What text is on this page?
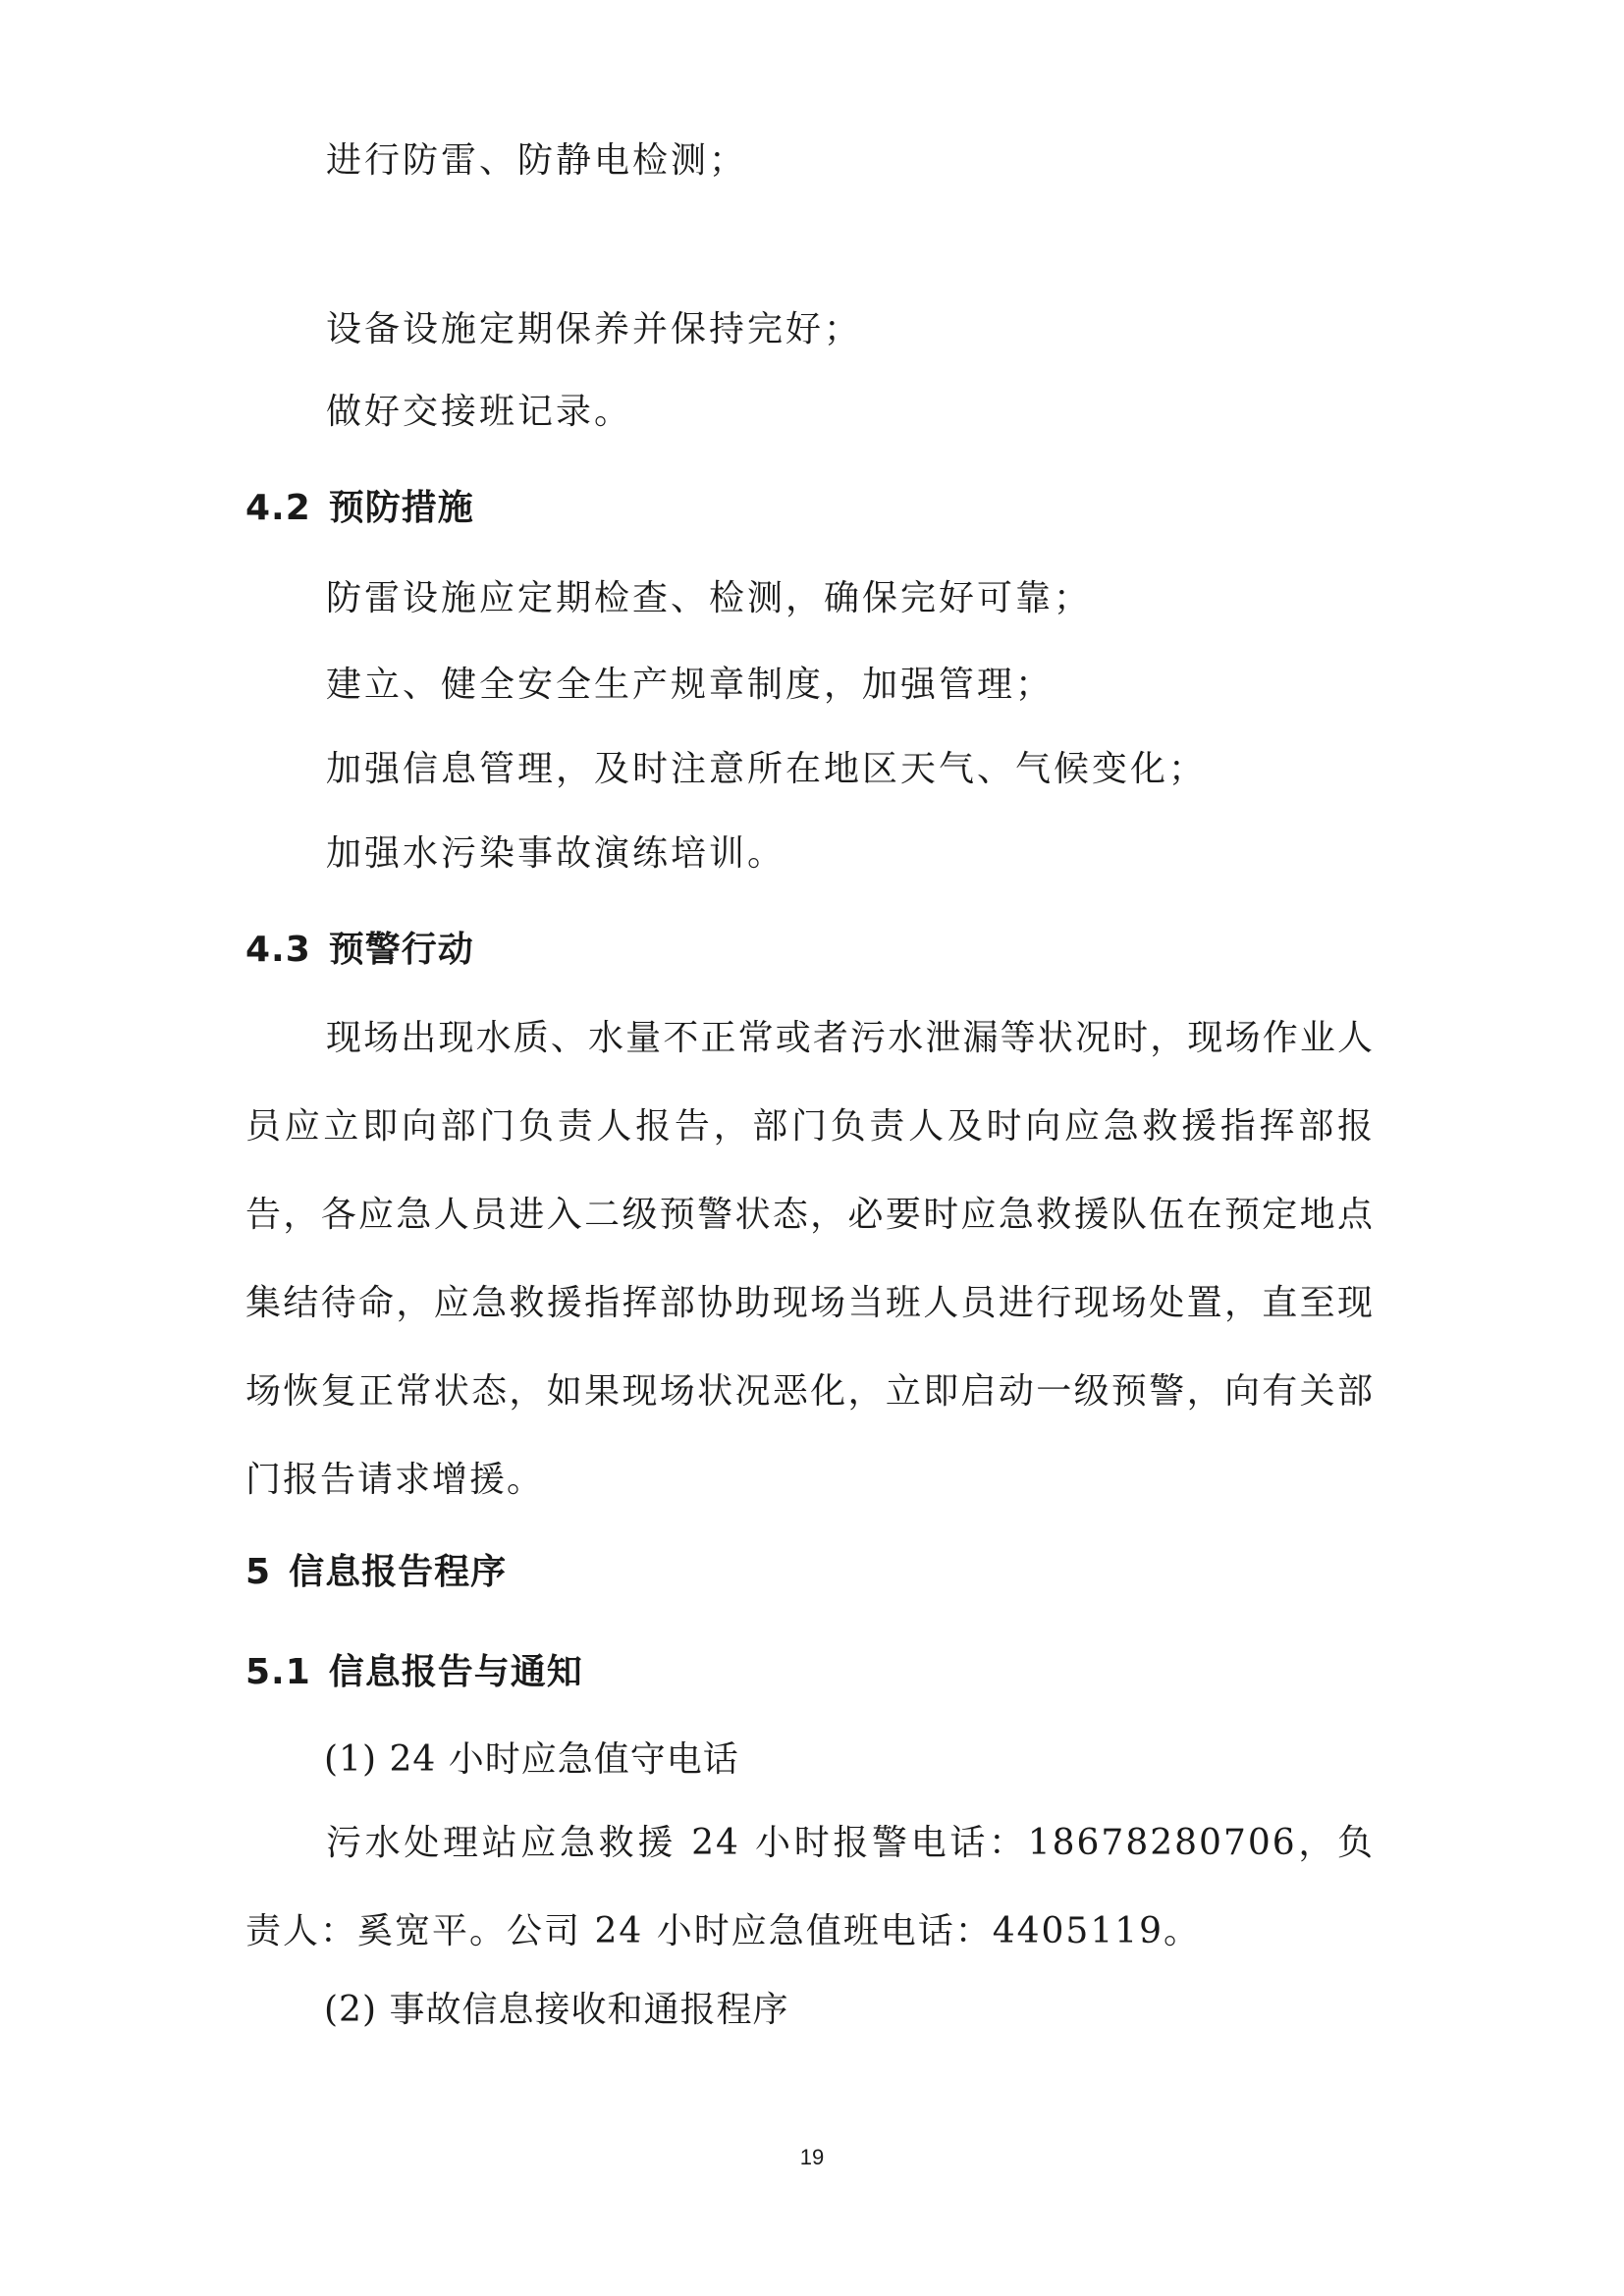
进行防雷、防静电检测；
设备设施定期保养并保持完好；
做好交接班记录。
4.2 预防措施
防雷设施应定期检查、检测，确保完好可靠；
建立、健全安全生产规章制度，加强管理；
加强信息管理，及时注意所在地区天气、气候变化；
加强水污染事故演练培训。
4.3 预警行动
现场出现水质、水量不正常或者污水泄漏等状况时，现场作业人员应立即向部门负责人报告，部门负责人及时向应急救援指挥部报告，各应急人员进入二级预警状态，必要时应急救援队伍在预定地点集结待命，应急救援指挥部协助现场当班人员进行现场处置，直至现场恢复正常状态，如果现场状况恶化，立即启动一级预警，向有关部门报告请求增援。
5 信息报告程序
5.1 信息报告与通知
(1) 24 小时应急值守电话
污水处理站应急救援 24 小时报警电话：18678280706，负责人：奚宽平。公司 24 小时应急值班电话：4405119。
(2) 事故信息接收和通报程序
19
